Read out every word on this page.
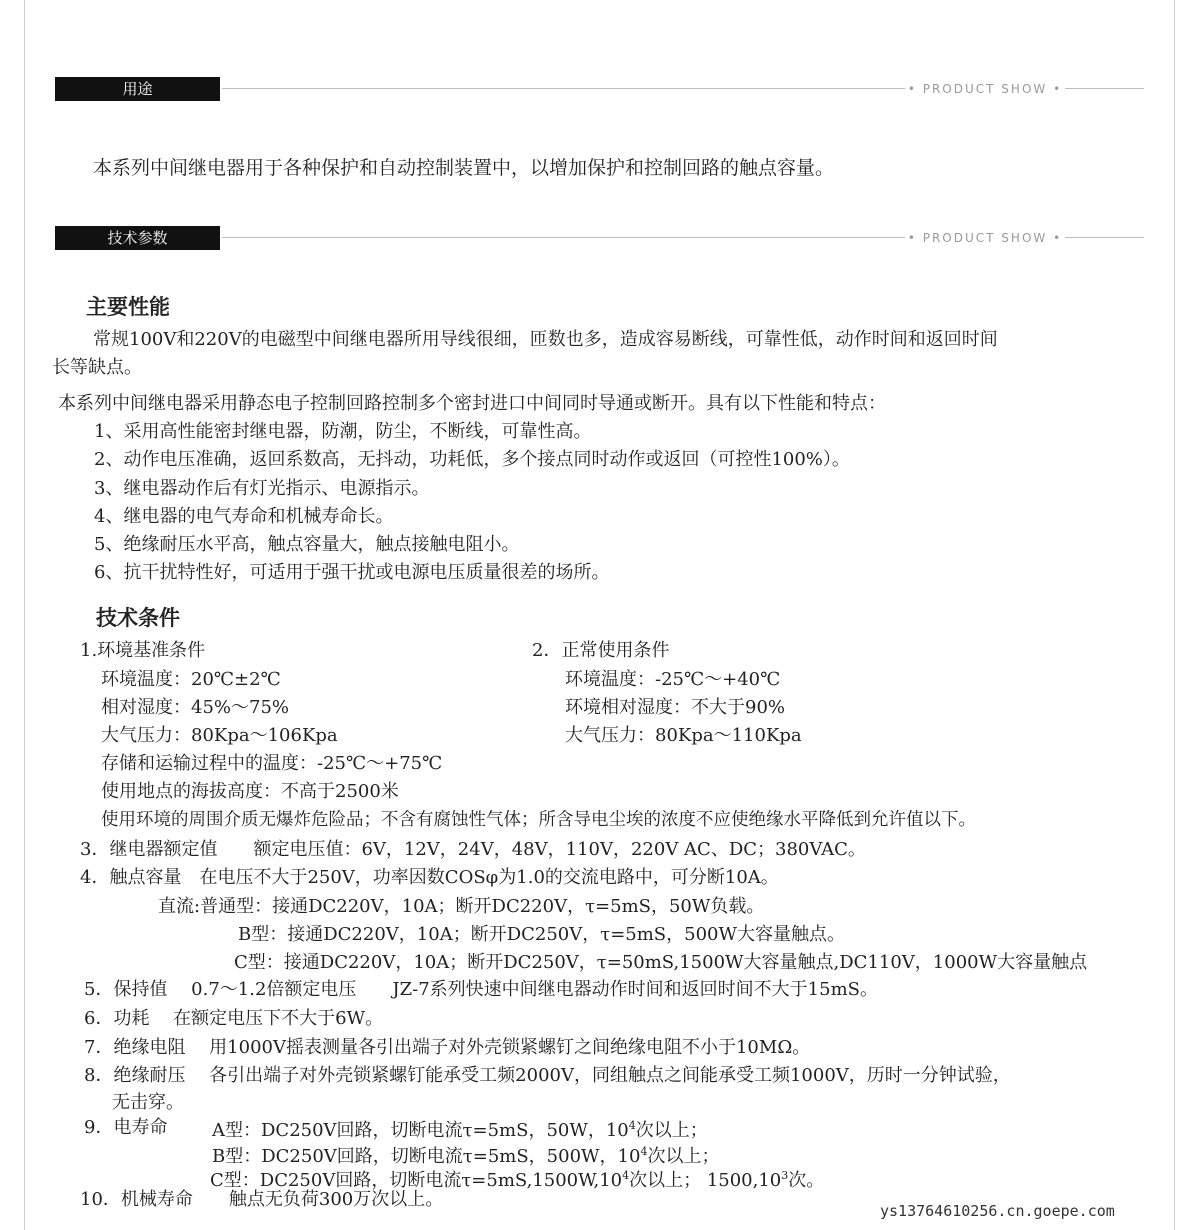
用途	• PRODUCT SHOW •
本系列中间继电器用于各种保护和自动控制装置中，以增加保护和控制回路的触点容量。
技术参数	• PRODUCT SHOW •
主要性能
常规100V和220V的电磁型中间继电器所用导线很细，匝数也多，造成容易断线，可靠性低，动作时间和返回时间
长等缺点。
本系列中间继电器采用静态电子控制回路控制多个密封进口中间同时导通或断开。具有以下性能和特点：
1、采用高性能密封继电器，防潮，防尘，不断线，可靠性高。
2、动作电压准确，返回系数高，无抖动，功耗低，多个接点同时动作或返回（可控性100%）。
3、继电器动作后有灯光指示、电源指示。
4、继电器的电气寿命和机械寿命长。
5、绝缘耐压水平高，触点容量大，触点接触电阻小。
6、抗干扰特性好，可适用于强干扰或电源电压质量很差的场所。
技术条件
1.环境基准条件
环境温度：20℃±2℃
相对湿度：45%～75%
大气压力：80Kpa～106Kpa
2．正常使用条件
环境温度：-25℃～+40℃
环境相对湿度：不大于90%
大气压力：80Kpa～110Kpa
存储和运输过程中的温度：-25℃～+75℃
使用地点的海拔高度：不高于2500米
使用环境的周围介质无爆炸危险品；不含有腐蚀性气体；所含导电尘埃的浓度不应使绝缘水平降低到允许值以下。
3．继电器额定值　　额定电压值：6V，12V，24V，48V，110V，220V AC、DC；380VAC。
4．触点容量　在电压不大于250V，功率因数COSφ为1.0的交流电路中，可分断10A。
直流:普通型：接通DC220V，10A；断开DC220V，τ=5mS，50W负载。
B型：接通DC220V，10A；断开DC250V，τ=5mS，500W大容量触点。
C型：接通DC220V，10A；断开DC250V，τ=50mS,1500W大容量触点,DC110V，1000W大容量触点
5．保持值　 0.7～1.2倍额定电压　　JZ-7系列快速中间继电器动作时间和返回时间不大于15mS。
6．功耗　 在额定电压下不大于6W。
7．绝缘电阻　 用1000V摇表测量各引出端子对外壳锁紧螺钉之间绝缘电阻不小于10MΩ。
8．绝缘耐压　 各引出端子对外壳锁紧螺钉能承受工频2000V，同组触点之间能承受工频1000V，历时一分钟试验，
无击穿。
9．电寿命 A型：DC250V回路，切断电流τ=5mS，50W，$10^4$次以上；
B型：DC250V回路，切断电流τ=5mS，500W，$10^4$次以上；
C型：DC250V回路，切断电流$\tau=5mS,1500W,10^4$次以上； 1500,10$^3$次。
10．机械寿命　　触点无负荷300万次以上。
ys13764610256.cn.goepe.com
